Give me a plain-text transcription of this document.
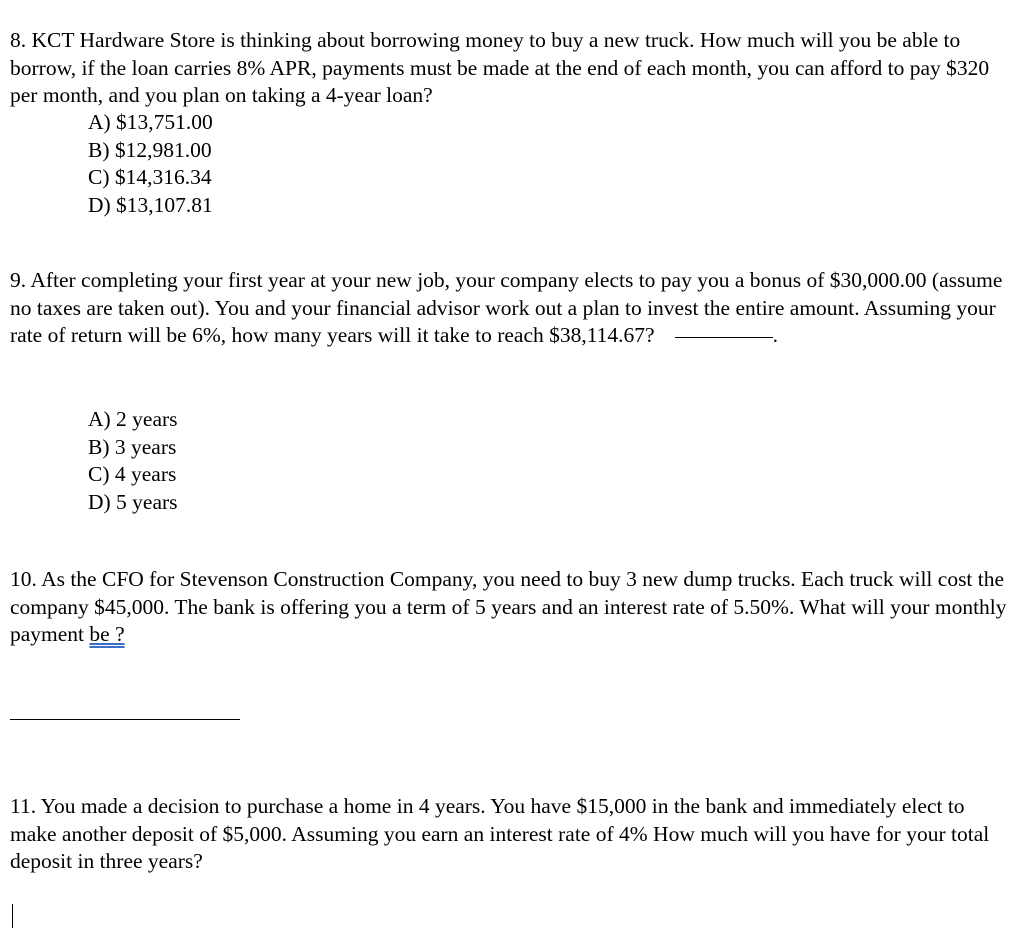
8. KCT Hardware Store is thinking about borrowing money to buy a new truck. How much will you be able to borrow, if the loan carries 8% APR, payments must be made at the end of each month, you can afford to pay $320 per month, and you plan on taking a 4-year loan?

A) $13,751.00
B) $12,981.00
C) $14,316.34
D) $13,107.81

9. After completing your first year at your new job, your company elects to pay you a bonus of $30,000.00 (assume no taxes are taken out). You and your financial advisor work out a plan to invest the entire amount. Assuming your rate of return will be 6%, how many years will it take to reach $38,114.67?	.

A) 2 years
B) 3 years
C) 4 years
D) 5 years

10. As the CFO for Stevenson Construction Company, you need to buy 3 new dump trucks. Each truck will cost the company $45,000. The bank is offering you a term of 5 years and an interest rate of 5.50%. What will your monthly payment be ?

11. You made a decision to purchase a home in 4 years. You have $15,000 in the bank and immediately elect to make another deposit of $5,000. Assuming you earn an interest rate of 4% How much will you have for your total deposit in three years?
